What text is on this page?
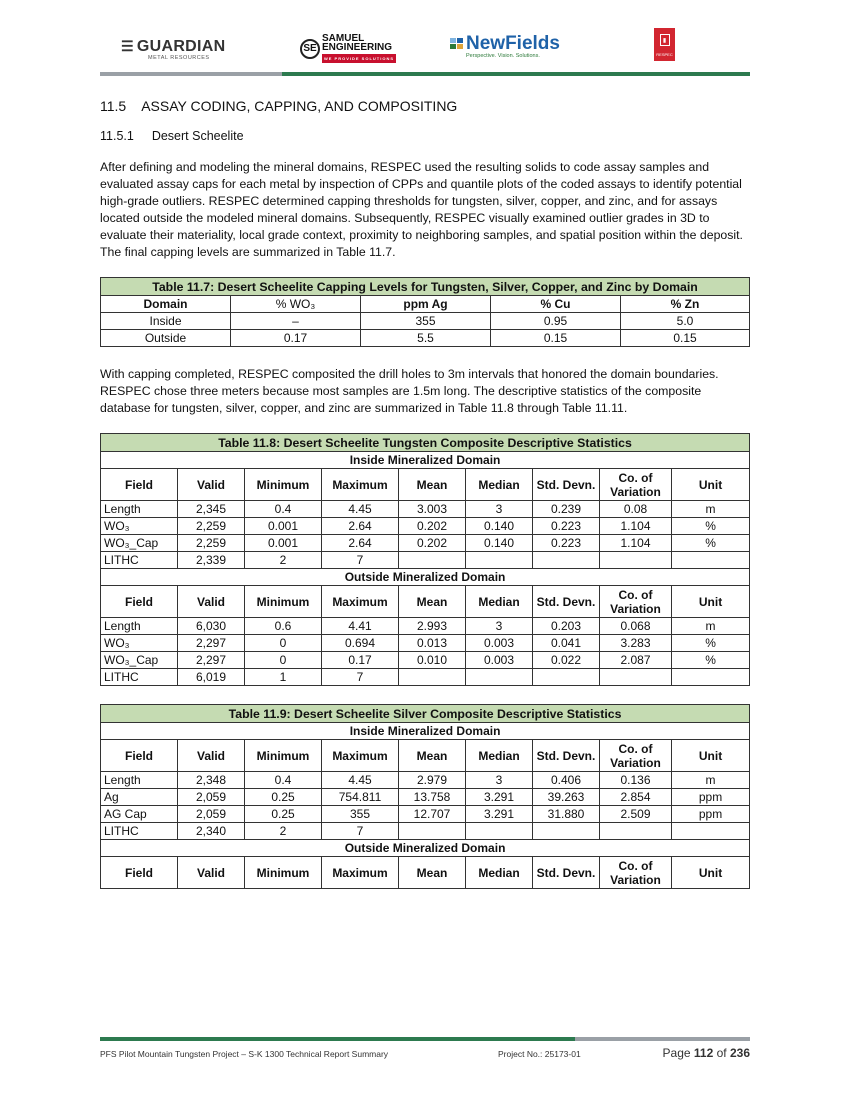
☰ GUARDIAN
METAL RESOURCES
SE
SAMUEL
ENGINEERING
WE PROVIDE SOLUTIONS
NewFields
Perspective. Vision. Solutions.
▮
RESPEC
11.5 ASSAY CODING, CAPPING, AND COMPOSITING
11.5.1 Desert Scheelite

After defining and modeling the mineral domains, RESPEC used the resulting solids to code assay samples and evaluated assay caps for each metal by inspection of CPPs and quantile plots of the coded assays to identify potential high-grade outliers. RESPEC determined capping thresholds for tungsten, silver, copper, and zinc, and for assays located outside the modeled mineral domains. Subsequently, RESPEC visually examined outlier grades in 3D to evaluate their materiality, local grade context, proximity to neighboring samples, and spatial position within the deposit. The final capping levels are summarized in Table 11.7.

Table 11.7: Desert Scheelite Capping Levels for Tungsten, Silver, Copper, and Zinc by Domain				
Domain	% WO₃	ppm Ag	% Cu	% Zn
Inside	–	355	0.95	5.0
Outside	0.17	5.5	0.15	0.15

With capping completed, RESPEC composited the drill holes to 3m intervals that honored the domain boundaries. RESPEC chose three meters because most samples are 1.5m long. The descriptive statistics of the composite database for tungsten, silver, copper, and zinc are summarized in Table 11.8 through Table 11.11.

Table 11.8: Desert Scheelite Tungsten Composite Descriptive Statistics								
Inside Mineralized Domain								
Field	Valid	Minimum	Maximum	Mean	Median	Std. Devn.	Co. of Variation	Unit
Length	2,345	0.4	4.45	3.003	3	0.239	0.08	m
WO₃	2,259	0.001	2.64	0.202	0.140	0.223	1.104	%
WO₃_Cap	2,259	0.001	2.64	0.202	0.140	0.223	1.104	%
LITHC	2,339	2	7					
Outside Mineralized Domain								
Field	Valid	Minimum	Maximum	Mean	Median	Std. Devn.	Co. of Variation	Unit
Length	6,030	0.6	4.41	2.993	3	0.203	0.068	m
WO₃	2,297	0	0.694	0.013	0.003	0.041	3.283	%
WO₃_Cap	2,297	0	0.17	0.010	0.003	0.022	2.087	%
LITHC	6,019	1	7					
Table 11.9: Desert Scheelite Silver Composite Descriptive Statistics								
Inside Mineralized Domain								
Field	Valid	Minimum	Maximum	Mean	Median	Std. Devn.	Co. of Variation	Unit
Length	2,348	0.4	4.45	2.979	3	0.406	0.136	m
Ag	2,059	0.25	754.811	13.758	3.291	39.263	2.854	ppm
AG Cap	2,059	0.25	355	12.707	3.291	31.880	2.509	ppm
LITHC	2,340	2	7					
Outside Mineralized Domain								
Field	Valid	Minimum	Maximum	Mean	Median	Std. Devn.	Co. of Variation	Unit
PFS Pilot Mountain Tungsten Project – S-K 1300 Technical Report Summary	Project No.: 25173-01	Page 112 of 236
